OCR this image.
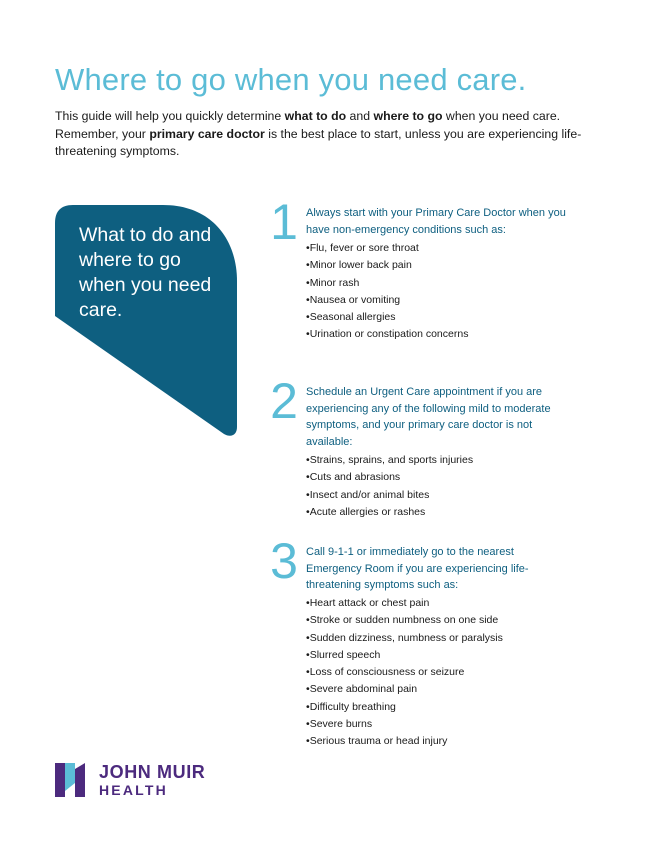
Where to go when you need care.

This guide will help you quickly determine what to do and where to go when you need care. Remember, your primary care doctor is the best place to start, unless you are experiencing life-threatening symptoms.

What to do and where to go when you need care.
1 Always start with your Primary Care Doctor when you have non-emergency conditions such as:

• Flu, fever or sore throat
• Minor lower back pain
• Minor rash
• Nausea or vomiting
• Seasonal allergies
• Urination or constipation concerns
2 Schedule an Urgent Care appointment if you are experiencing any of the following mild to moderate symptoms, and your primary care doctor is not available:

• Strains, sprains, and sports injuries
• Cuts and abrasions
• Insect and/or animal bites
• Acute allergies or rashes
3 Call 9-1-1 or immediately go to the nearest Emergency Room if you are experiencing life-threatening symptoms such as:

• Heart attack or chest pain
• Stroke or sudden numbness on one side
• Sudden dizziness, numbness or paralysis
• Slurred speech
• Loss of consciousness or seizure
• Severe abdominal pain
• Difficulty breathing
• Severe burns
• Serious trauma or head injury
JOHN MUIR
HEALTH
